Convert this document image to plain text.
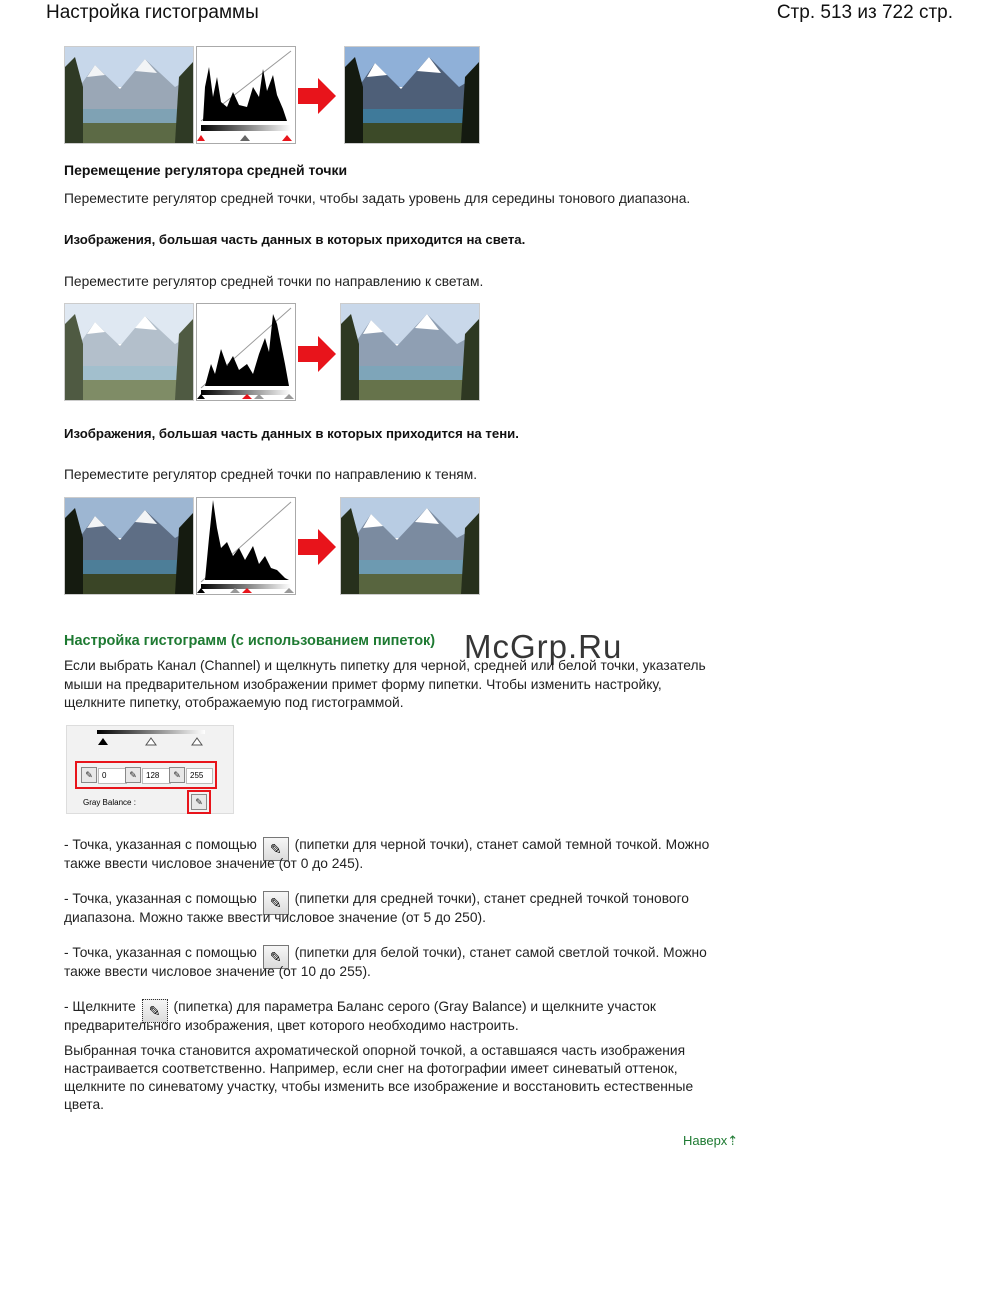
Настройка гистограммы	Стр. 513 из 722 стр.
Перемещение регулятора средней точки
Переместите регулятор средней точки, чтобы задать уровень для середины тонового диапазона.
Изображения, большая часть данных в которых приходится на света.
Переместите регулятор средней точки по направлению к светам.
Изображения, большая часть данных в которых приходится на тени.
Переместите регулятор средней точки по направлению к теням.
Настройка гистограмм (с использованием пипеток) McGrp.Ru
Если выбрать Канал (Channel) и щелкнуть пипетку для черной, средней или белой точки, указатель
мыши на предварительном изображении примет форму пипетки. Чтобы изменить настройку,
щелкните пипетку, отображаемую под гистограммой.
✎	0	✎	128	✎	255
Gray Balance :	✎
- Точка, указанная с помощью ✎ (пипетки для черной точки), станет самой темной точкой. Можно
также ввести числовое значение (от 0 до 245).
- Точка, указанная с помощью ✎ (пипетки для средней точки), станет средней точкой тонового
диапазона. Можно также ввести числовое значение (от 5 до 250).
- Точка, указанная с помощью ✎ (пипетки для белой точки), станет самой светлой точкой. Можно
также ввести числовое значение (от 10 до 255).
- Щелкните ✎ (пипетка) для параметра Баланс серого (Gray Balance) и щелкните участок
предварительного изображения, цвет которого необходимо настроить.
Выбранная точка становится ахроматической опорной точкой, а оставшаяся часть изображения
настраивается соответственно. Например, если снег на фотографии имеет синеватый оттенок,
щелкните по синеватому участку, чтобы изменить все изображение и восстановить естественные
цвета.
Наверх⇡
